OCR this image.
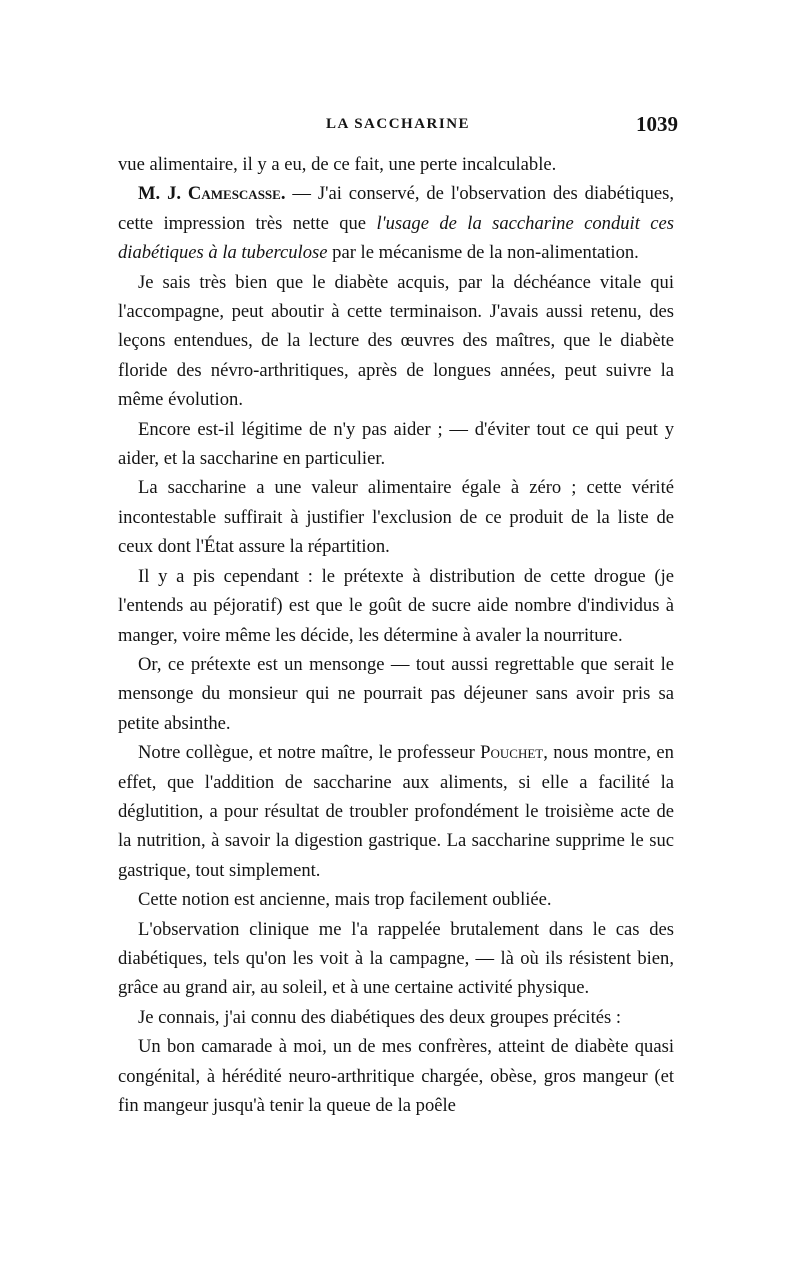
LA SACCHARINE	1039

vue alimentaire, il y a eu, de ce fait, une perte incalculable.

M. J. Camescasse. — J'ai conservé, de l'observation des diabétiques, cette impression très nette que l'usage de la saccharine conduit ces diabétiques à la tuberculose par le mécanisme de la non-alimentation.

Je sais très bien que le diabète acquis, par la déchéance vitale qui l'accompagne, peut aboutir à cette terminaison. J'avais aussi retenu, des leçons entendues, de la lecture des œuvres des maîtres, que le diabète floride des névro-arthritiques, après de longues années, peut suivre la même évolution.

Encore est-il légitime de n'y pas aider ; — d'éviter tout ce qui peut y aider, et la saccharine en particulier.

La saccharine a une valeur alimentaire égale à zéro ; cette vérité incontestable suffirait à justifier l'exclusion de ce produit de la liste de ceux dont l'État assure la répartition.

Il y a pis cependant : le prétexte à distribution de cette drogue (je l'entends au péjoratif) est que le goût de sucre aide nombre d'individus à manger, voire même les décide, les détermine à avaler la nourriture.

Or, ce prétexte est un mensonge — tout aussi regrettable que serait le mensonge du monsieur qui ne pourrait pas déjeuner sans avoir pris sa petite absinthe.

Notre collègue, et notre maître, le professeur Pouchet, nous montre, en effet, que l'addition de saccharine aux aliments, si elle a facilité la déglutition, a pour résultat de troubler profondément le troisième acte de la nutrition, à savoir la digestion gastrique. La saccharine supprime le suc gastrique, tout simplement.

Cette notion est ancienne, mais trop facilement oubliée.

L'observation clinique me l'a rappelée brutalement dans le cas des diabétiques, tels qu'on les voit à la campagne, — là où ils résistent bien, grâce au grand air, au soleil, et à une certaine activité physique.

Je connais, j'ai connu des diabétiques des deux groupes précités :

Un bon camarade à moi, un de mes confrères, atteint de diabète quasi congénital, à hérédité neuro-arthritique chargée, obèse, gros mangeur (et fin mangeur jusqu'à tenir la queue de la poêle
